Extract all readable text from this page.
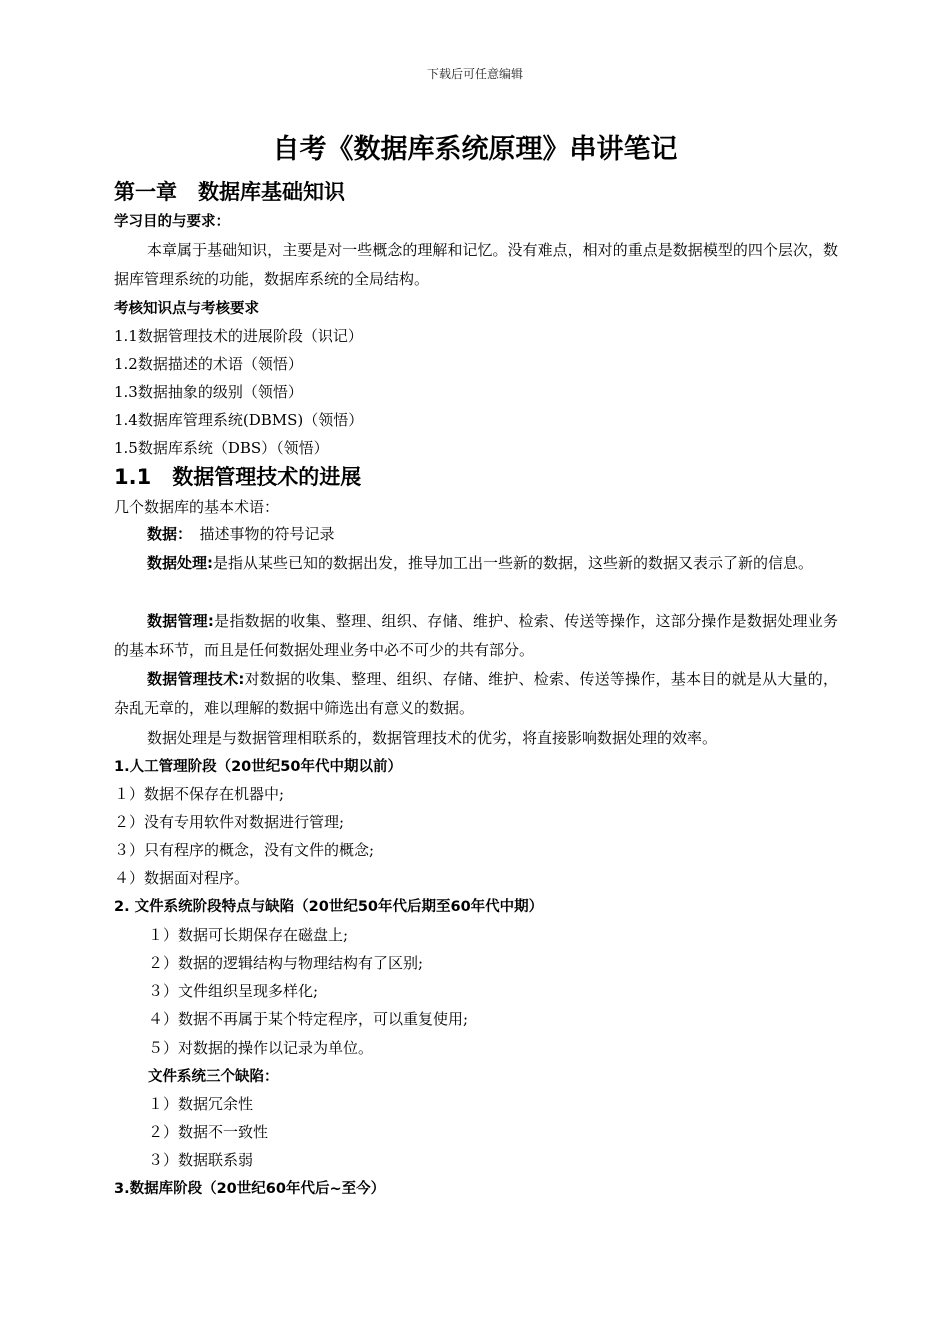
下载后可任意编辑
自考《数据库系统原理》串讲笔记
第一章　数据库基础知识
学习目的与要求：
本章属于基础知识，主要是对一些概念的理解和记忆。没有难点，相对的重点是数据模型的四个层次，数据库管理系统的功能，数据库系统的全局结构。
考核知识点与考核要求
1.1数据管理技术的进展阶段（识记）
1.2数据描述的术语（领悟）
1.3数据抽象的级别（领悟）
1.4数据库管理系统(DBMS)（领悟）
1.5数据库系统（DBS）（领悟）
1.1　数据管理技术的进展
几个数据库的基本术语：
数据：　描述事物的符号记录
数据处理:是指从某些已知的数据出发，推导加工出一些新的数据，这些新的数据又表示了新的信息。
数据管理:是指数据的收集、整理、组织、存储、维护、检索、传送等操作，这部分操作是数据处理业务的基本环节，而且是任何数据处理业务中必不可少的共有部分。
数据管理技术:对数据的收集、整理、组织、存储、维护、检索、传送等操作，基本目的就是从大量的，杂乱无章的，难以理解的数据中筛选出有意义的数据。
数据处理是与数据管理相联系的，数据管理技术的优劣，将直接影响数据处理的效率。
1.人工管理阶段（20世纪50年代中期以前）
１）数据不保存在机器中;
２）没有专用软件对数据进行管理;
３）只有程序的概念，没有文件的概念;
４）数据面对程序。
2. 文件系统阶段特点与缺陷（20世纪50年代后期至60年代中期）
１）数据可长期保存在磁盘上;
２）数据的逻辑结构与物理结构有了区别;
３）文件组织呈现多样化;
４）数据不再属于某个特定程序，可以重复使用;
５）对数据的操作以记录为单位。
文件系统三个缺陷：
１）数据冗余性
２）数据不一致性
３）数据联系弱
3.数据库阶段（20世纪60年代后~至今）
